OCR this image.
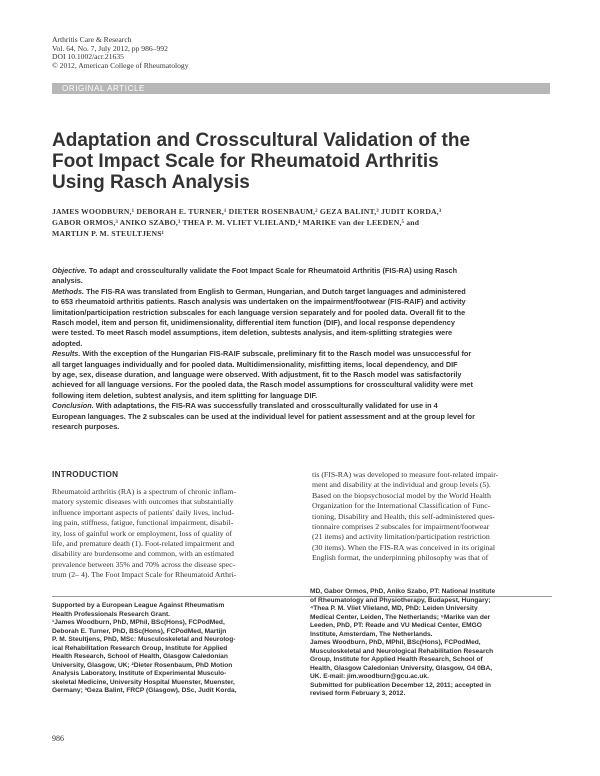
Arthritis Care & Research
Vol. 64, No. 7, July 2012, pp 986–992
DOI 10.1002/acr.21635
© 2012, American College of Rheumatology
ORIGINAL ARTICLE
Adaptation and Crosscultural Validation of the
Foot Impact Scale for Rheumatoid Arthritis
Using Rasch Analysis
JAMES WOODBURN,¹ DEBORAH E. TURNER,¹ DIETER ROSENBAUM,² GEZA BALINT,³ JUDIT KORDA,³
GABOR ORMOS,³ ANIKO SZABO,³ THEA P. M. VLIET VLIELAND,⁴ MARIKE van der LEEDEN,⁵ and
MARTIJN P. M. STEULTJENS¹
Objective. To adapt and crossculturally validate the Foot Impact Scale for Rheumatoid Arthritis (FIS-RA) using Rasch
analysis.
Methods. The FIS-RA was translated from English to German, Hungarian, and Dutch target languages and administered
to 653 rheumatoid arthritis patients. Rasch analysis was undertaken on the impairment/footwear (FIS-RAIF) and activity
limitation/participation restriction subscales for each language version separately and for pooled data. Overall fit to the
Rasch model, item and person fit, unidimensionality, differential item function (DIF), and local response dependency
were tested. To meet Rasch model assumptions, item deletion, subtests analysis, and item-splitting strategies were
adopted.
Results. With the exception of the Hungarian FIS-RAIF subscale, preliminary fit to the Rasch model was unsuccessful for
all target languages individually and for pooled data. Multidimensionality, misfitting items, local dependency, and DIF
by age, sex, disease duration, and language were observed. With adjustment, fit to the Rasch model was satisfactorily
achieved for all language versions. For the pooled data, the Rasch model assumptions for crosscultural validity were met
following item deletion, subtest analysis, and item splitting for language DIF.
Conclusion. With adaptations, the FIS-RA was successfully translated and crossculturally validated for use in 4
European languages. The 2 subscales can be used at the individual level for patient assessment and at the group level for
research purposes.
INTRODUCTION
Rheumatoid arthritis (RA) is a spectrum of chronic inflam-
matory systemic diseases with outcomes that substantially
influence important aspects of patients' daily lives, includ-
ing pain, stiffness, fatigue, functional impairment, disabil-
ity, loss of gainful work or employment, loss of quality of
life, and premature death (1). Foot-related impairment and
disability are burdensome and common, with an estimated
prevalence between 35% and 70% across the disease spec-
trum (2– 4). The Foot Impact Scale for Rheumatoid Arthri-
tis (FIS-RA) was developed to measure foot-related impair-
ment and disability at the individual and group levels (5).
Based on the biopsychosocial model by the World Health
Organization for the International Classification of Func-
tioning, Disability and Health, this self-administered ques-
tionnaire comprises 2 subscales for impairment/footwear
(21 items) and activity limitation/participation restriction
(30 items). When the FIS-RA was conceived in its original
English format, the underpinning philosophy was that of
Supported by a European League Against Rheumatism
Health Professionals Research Grant.
¹James Woodburn, PhD, MPhil, BSc(Hons), FCPodMed,
Deborah E. Turner, PhD, BSc(Hons), FCPodMed, Martijn
P. M. Steultjens, PhD, MSc: Musculoskeletal and Neurolog-
ical Rehabilitation Research Group, Institute for Applied
Health Research, School of Health, Glasgow Caledonian
University, Glasgow, UK; ²Dieter Rosenbaum, PhD Motion
Analysis Laboratory, Institute of Experimental Musculo-
skeletal Medicine, University Hospital Muenster, Muenster,
Germany; ³Geza Balint, FRCP (Glasgow), DSc, Judit Korda,
MD, Gabor Ormos, PhD, Aniko Szabo, PT: National Institute
of Rheumatology and Physiotherapy, Budapest, Hungary;
⁴Thea P. M. Vliet Vlieland, MD, PhD: Leiden University
Medical Center, Leiden, The Netherlands; ⁵Marike van der
Leeden, PhD, PT: Reade and VU Medical Center, EMGO
Institute, Amsterdam, The Netherlands.
James Woodburn, PhD, MPhil, BSc(Hons), FCPodMed,
Musculoskeletal and Neurological Rehabilitation Research
Group, Institute for Applied Health Research, School of
Health, Glasgow Caledonian University, Glasgow, G4 0BA,
UK. E-mail: jim.woodburn@gcu.ac.uk.
Submitted for publication December 12, 2011; accepted in
revised form February 3, 2012.
986
